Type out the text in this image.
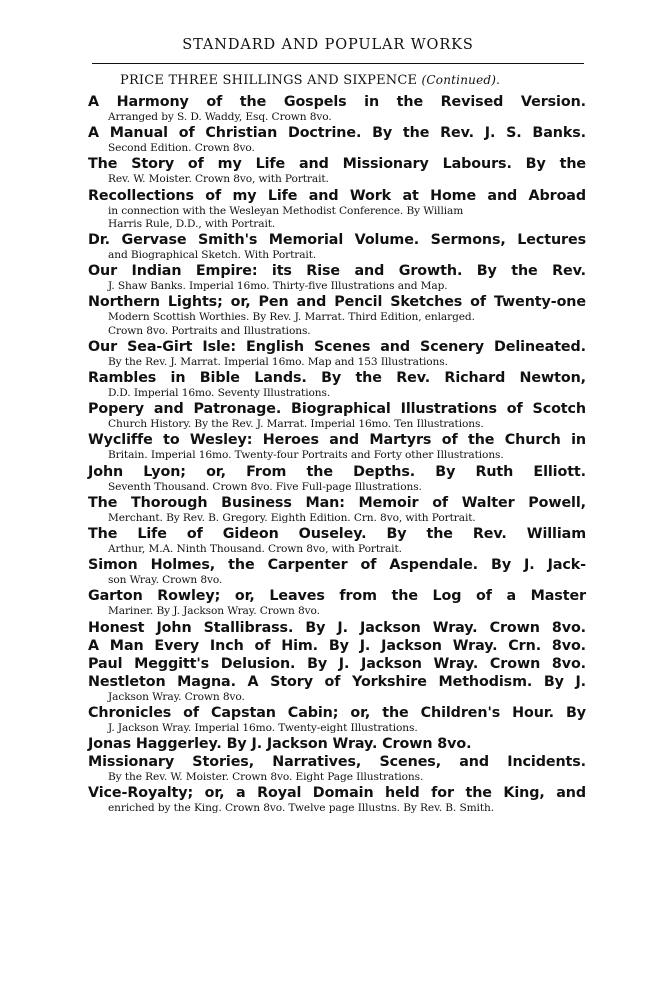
STANDARD AND POPULAR WORKS
PRICE THREE SHILLINGS AND SIXPENCE (Continued).
A Harmony of the Gospels in the Revised Version.
Arranged by S. D. Waddy, Esq. Crown 8vo.
A Manual of Christian Doctrine. By the Rev. J. S. Banks.
Second Edition. Crown 8vo.
The Story of my Life and Missionary Labours. By the
Rev. W. Moister. Crown 8vo, with Portrait.
Recollections of my Life and Work at Home and Abroad
in connection with the Wesleyan Methodist Conference. By William
Harris Rule, D.D., with Portrait.
Dr. Gervase Smith's Memorial Volume. Sermons, Lectures
and Biographical Sketch. With Portrait.
Our Indian Empire: its Rise and Growth. By the Rev.
J. Shaw Banks. Imperial 16mo. Thirty-five Illustrations and Map.
Northern Lights; or, Pen and Pencil Sketches of Twenty-one
Modern Scottish Worthies. By Rev. J. Marrat. Third Edition, enlarged.
Crown 8vo. Portraits and Illustrations.
Our Sea-Girt Isle: English Scenes and Scenery Delineated.
By the Rev. J. Marrat. Imperial 16mo. Map and 153 Illustrations.
Rambles in Bible Lands. By the Rev. Richard Newton,
D.D. Imperial 16mo. Seventy Illustrations.
Popery and Patronage. Biographical Illustrations of Scotch
Church History. By the Rev. J. Marrat. Imperial 16mo. Ten Illustrations.
Wycliffe to Wesley: Heroes and Martyrs of the Church in
Britain. Imperial 16mo. Twenty-four Portraits and Forty other Illustrations.
John Lyon; or, From the Depths. By Ruth Elliott.
Seventh Thousand. Crown 8vo. Five Full-page Illustrations.
The Thorough Business Man: Memoir of Walter Powell,
Merchant. By Rev. B. Gregory. Eighth Edition. Crn. 8vo, with Portrait.
The Life of Gideon Ouseley. By the Rev. William
Arthur, M.A. Ninth Thousand. Crown 8vo, with Portrait.
Simon Holmes, the Carpenter of Aspendale. By J. Jack-
son Wray. Crown 8vo.
Garton Rowley; or, Leaves from the Log of a Master
Mariner. By J. Jackson Wray. Crown 8vo.
Honest John Stallibrass. By J. Jackson Wray. Crown 8vo.
A Man Every Inch of Him. By J. Jackson Wray. Crn. 8vo.
Paul Meggitt's Delusion. By J. Jackson Wray. Crown 8vo.
Nestleton Magna. A Story of Yorkshire Methodism. By J.
Jackson Wray. Crown 8vo.
Chronicles of Capstan Cabin; or, the Children's Hour. By
J. Jackson Wray. Imperial 16mo. Twenty-eight Illustrations.
Jonas Haggerley. By J. Jackson Wray. Crown 8vo.
Missionary Stories, Narratives, Scenes, and Incidents.
By the Rev. W. Moister. Crown 8vo. Eight Page Illustrations.
Vice-Royalty; or, a Royal Domain held for the King, and
enriched by the King. Crown 8vo. Twelve page Illustns. By Rev. B. Smith.
